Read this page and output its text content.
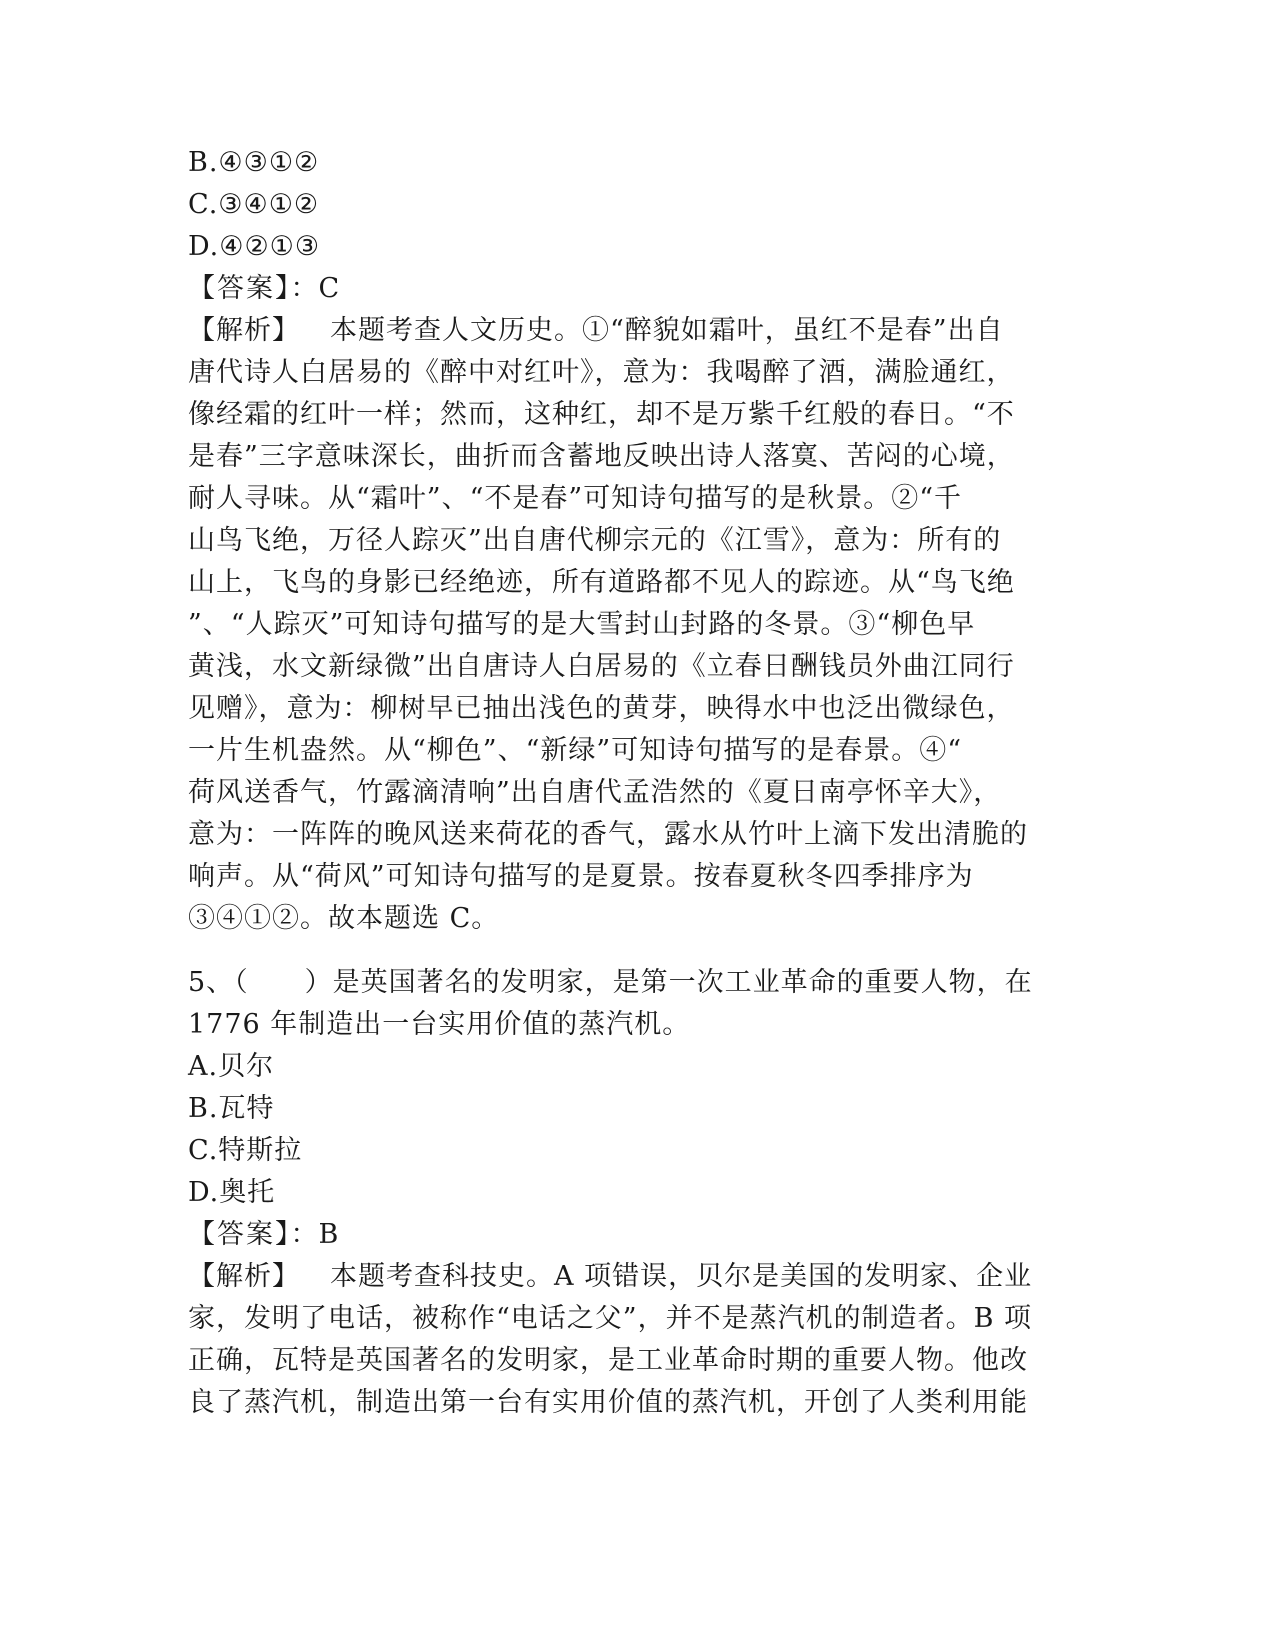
B.④③①②
C.③④①②
D.④②①③
【答案】：C
【解析】 本题考查人文历史。①“醉貌如霜叶，虽红不是春”出自
唐代诗人白居易的《醉中对红叶》，意为：我喝醉了酒，满脸通红，
像经霜的红叶一样；然而，这种红，却不是万紫千红般的春日。“不
是春”三字意味深长，曲折而含蓄地反映出诗人落寞、苦闷的心境，
耐人寻味。从“霜叶”、“不是春”可知诗句描写的是秋景。②“千
山鸟飞绝，万径人踪灭”出自唐代柳宗元的《江雪》，意为：所有的
山上，飞鸟的身影已经绝迹，所有道路都不见人的踪迹。从“鸟飞绝
”、“人踪灭”可知诗句描写的是大雪封山封路的冬景。③“柳色早
黄浅，水文新绿微”出自唐诗人白居易的《立春日酬钱员外曲江同行
见赠》，意为：柳树早已抽出浅色的黄芽，映得水中也泛出微绿色，
一片生机盎然。从“柳色”、“新绿”可知诗句描写的是春景。④“
荷风送香气，竹露滴清响”出自唐代孟浩然的《夏日南亭怀辛大》，
意为：一阵阵的晚风送来荷花的香气，露水从竹叶上滴下发出清脆的
响声。从“荷风”可知诗句描写的是夏景。按春夏秋冬四季排序为
③④①②。故本题选 C。
5、（　　）是英国著名的发明家，是第一次工业革命的重要人物，在
1776 年制造出一台实用价值的蒸汽机。
A.贝尔
B.瓦特
C.特斯拉
D.奥托
【答案】：B
【解析】 本题考查科技史。A 项错误，贝尔是美国的发明家、企业
家，发明了电话，被称作“电话之父”，并不是蒸汽机的制造者。B 项
正确，瓦特是英国著名的发明家，是工业革命时期的重要人物。他改
良了蒸汽机，制造出第一台有实用价值的蒸汽机，开创了人类利用能
